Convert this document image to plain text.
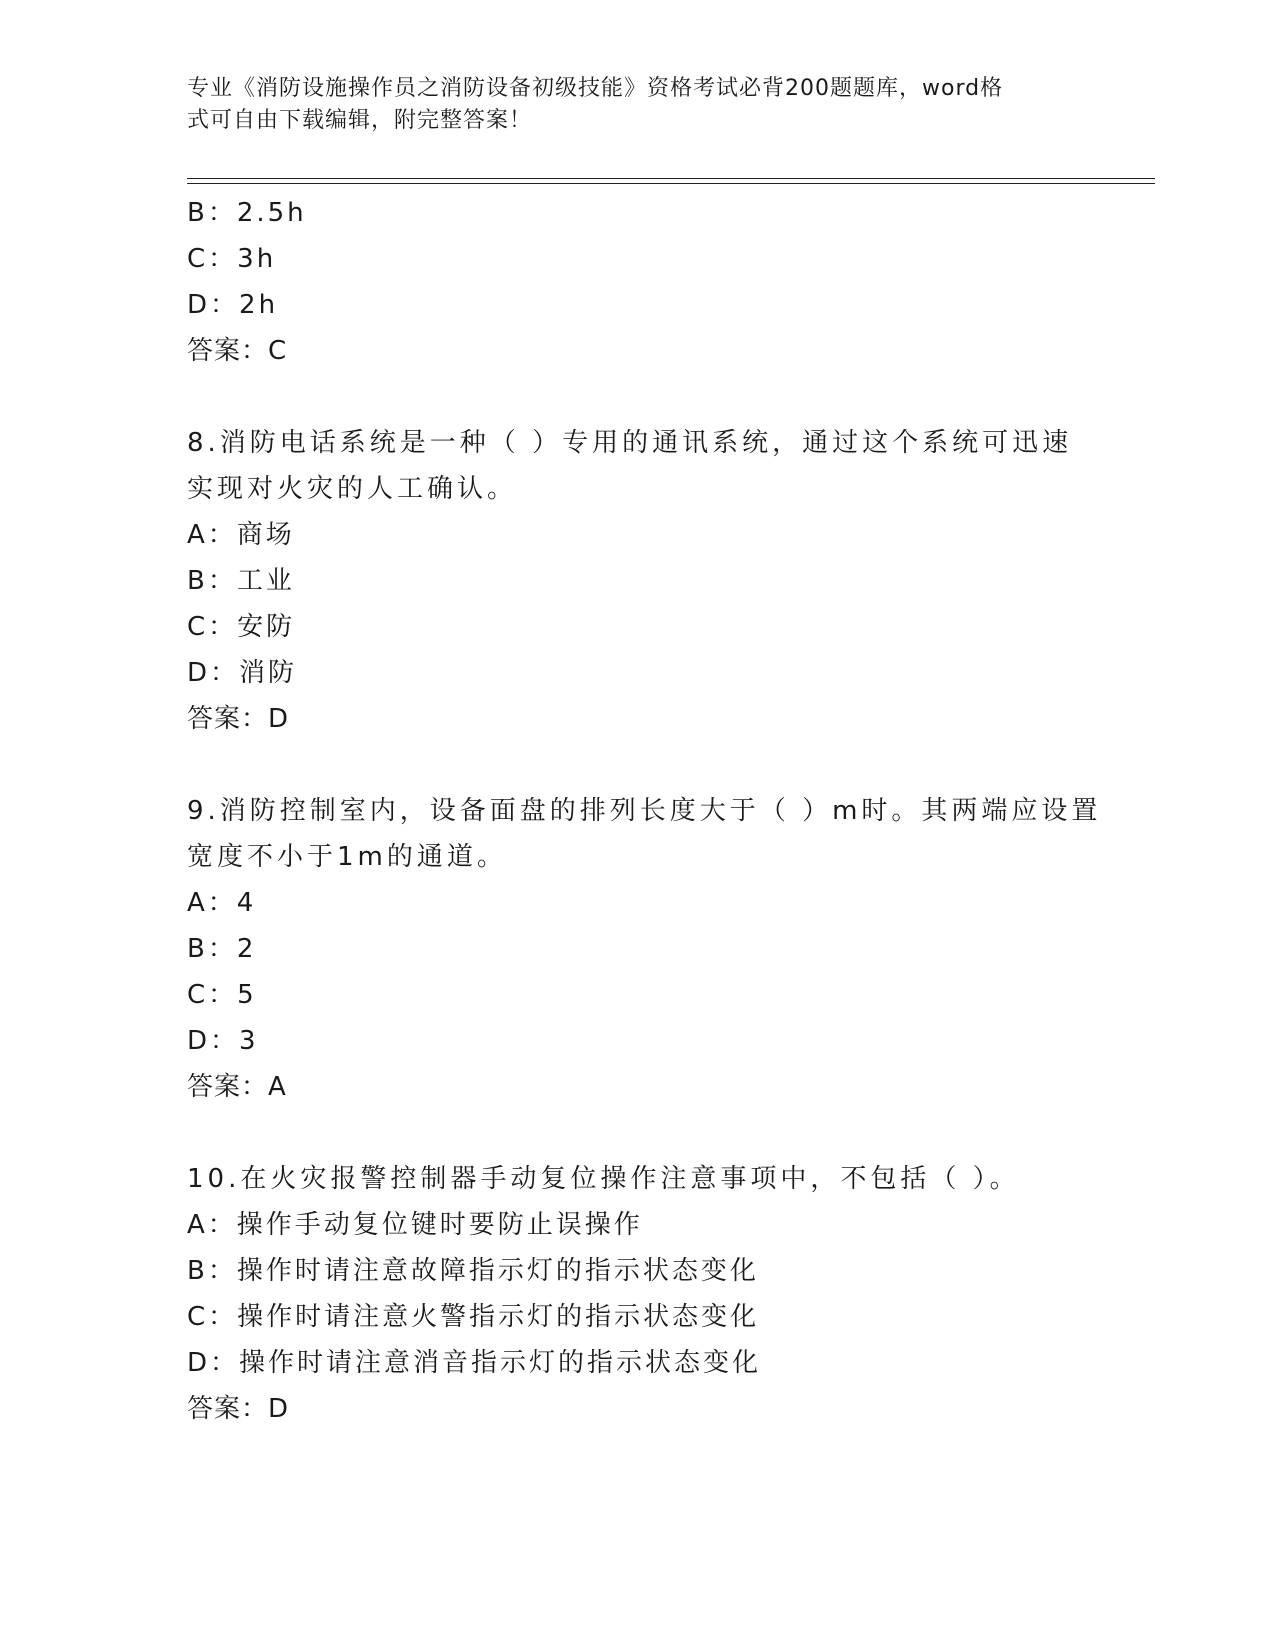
专业《消防设施操作员之消防设备初级技能》资格考试必背200题题库，word格
式可自由下载编辑，附完整答案！
B：2.5h
C：3h
D：2h
答案：C
8.消防电话系统是一种（ ）专用的通讯系统，通过这个系统可迅速
实现对火灾的人工确认。
A：商场
B：工业
C：安防
D：消防
答案：D
9.消防控制室内，设备面盘的排列长度大于（ ）m时。其两端应设置
宽度不小于1m的通道。
A：4
B：2
C：5
D：3
答案：A
10.在火灾报警控制器手动复位操作注意事项中，不包括（ ）。
A：操作手动复位键时要防止误操作
B：操作时请注意故障指示灯的指示状态变化
C：操作时请注意火警指示灯的指示状态变化
D：操作时请注意消音指示灯的指示状态变化
答案：D
